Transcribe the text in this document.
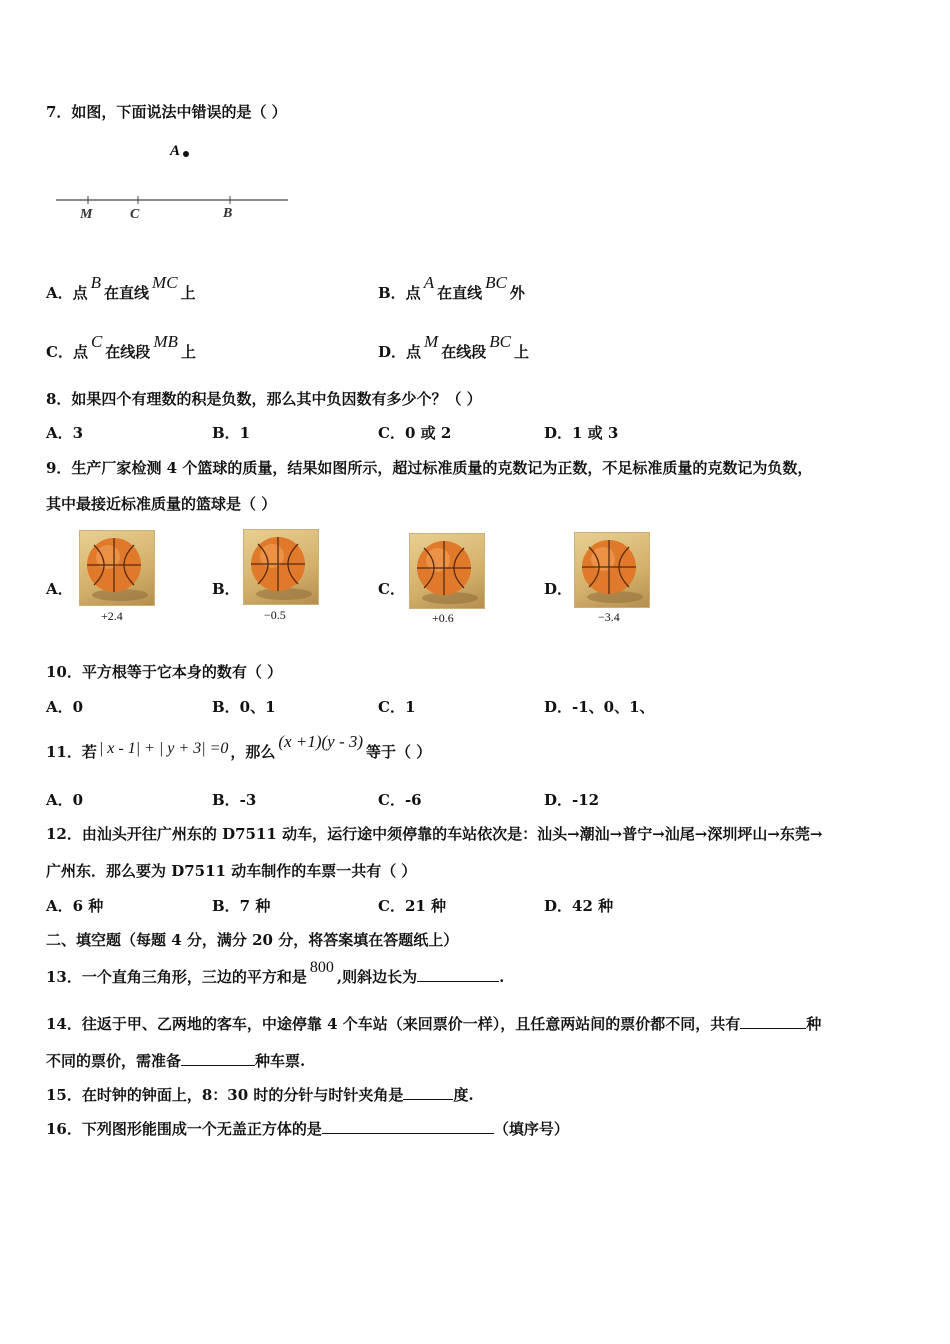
7．如图，下面说法中错误的是（ ）
A
M	C	B
A．点B在直线MC上	B．点A在直线BC外
C．点C在线段MB上	D．点M在线段BC上
8．如果四个有理数的积是负数，那么其中负因数有多少个？（ ）
A．3	B．1	C．0 或 2	D．1 或 3
9．生产厂家检测 4 个篮球的质量，结果如图所示，超过标准质量的克数记为正数，不足标准质量的克数记为负数，
其中最接近标准质量的篮球是（ ）
A．
+2.4
B．
−0.5
C．
+0.6
D．
−3.4
10．平方根等于它本身的数有（ ）
A．0	B．0、1	C．1	D．-1、0、1、
11．若 | x - 1| + | y + 3| =0 ，那么(x +1)(y - 3)等于（ ）
A．0	B．-3	C．-6	D．-12
12．由汕头开往广州东的 D7511 动车，运行途中须停靠的车站依次是：汕头→潮汕→普宁→汕尾→深圳坪山→东莞→
广州东．那么要为 D7511 动车制作的车票一共有（ ）
A．6 种	B．7 种	C．21 种	D．42 种
二、填空题（每题 4 分，满分 20 分，将答案填在答题纸上）
13．一个直角三角形，三边的平方和是800,则斜边长为	.
14．往返于甲、乙两地的客车，中途停靠 4 个车站（来回票价一样），且任意两站间的票价都不同，共有	种
不同的票价，需准备	种车票.
15．在时钟的钟面上，8：30 时的分针与时针夹角是	度.
16．下列图形能围成一个无盖正方体的是	（填序号）
